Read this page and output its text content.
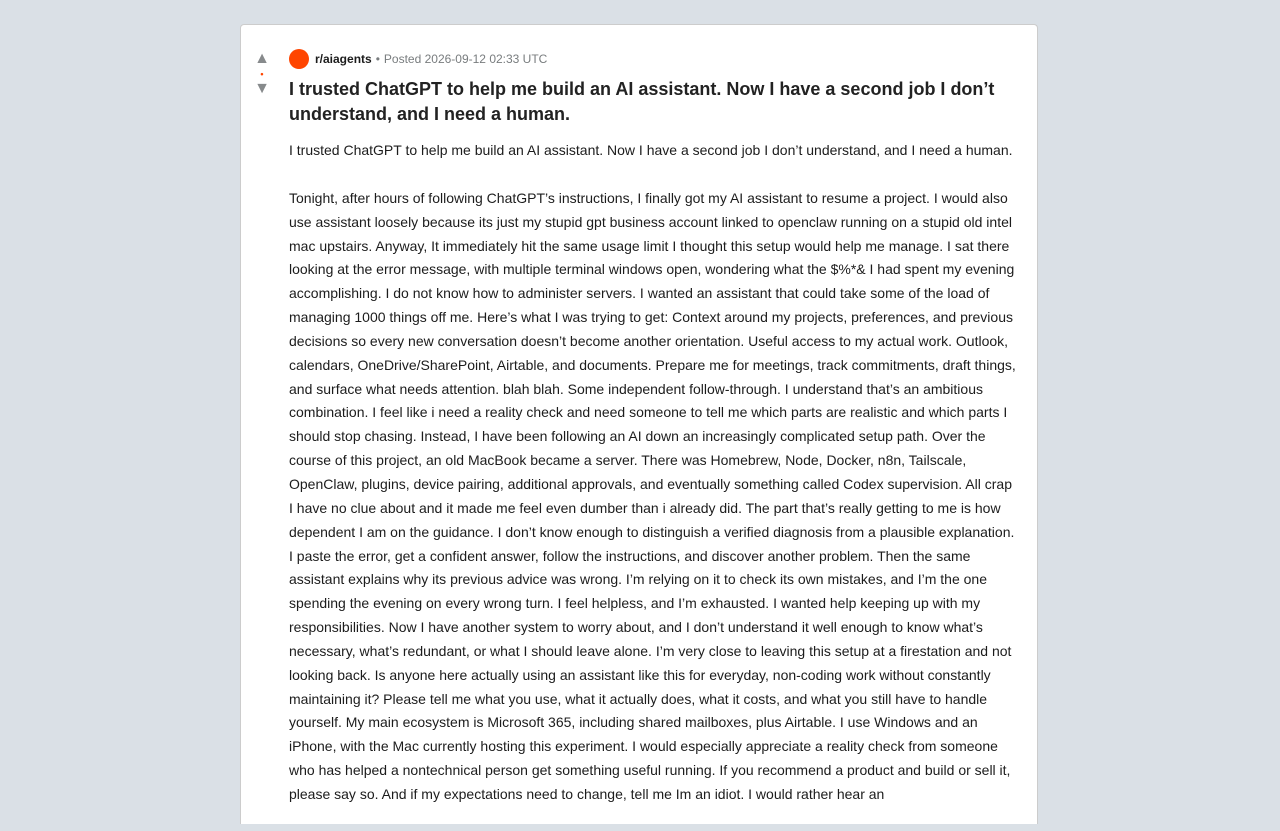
▲
•
▼
r/aiagents • Posted 2026-09-12 02:33 UTC
I trusted ChatGPT to help me build an AI assistant. Now I have a second job I don’t understand, and I need a human.

I trusted ChatGPT to help me build an AI assistant. Now I have a second job I don’t understand, and I need a human.

Tonight, after hours of following ChatGPT’s instructions, I finally got my AI assistant to resume a project. I would also use assistant loosely because its just my stupid gpt business account linked to openclaw running on a stupid old intel mac upstairs. Anyway, It immediately hit the same usage limit I thought this setup would help me manage. I sat there looking at the error message, with multiple terminal windows open, wondering what the $%*& I had spent my evening accomplishing. I do not know how to administer servers. I wanted an assistant that could take some of the load of managing 1000 things off me. Here’s what I was trying to get: Context around my projects, preferences, and previous decisions so every new conversation doesn’t become another orientation. Useful access to my actual work. Outlook, calendars, OneDrive/SharePoint, Airtable, and documents. Prepare me for meetings, track commitments, draft things, and surface what needs attention. blah blah. Some independent follow-through. I understand that’s an ambitious combination. I feel like i need a reality check and need someone to tell me which parts are realistic and which parts I should stop chasing. Instead, I have been following an AI down an increasingly complicated setup path. Over the course of this project, an old MacBook became a server. There was Homebrew, Node, Docker, n8n, Tailscale, OpenClaw, plugins, device pairing, additional approvals, and eventually something called Codex supervision. All crap I have no clue about and it made me feel even dumber than i already did. The part that’s really getting to me is how dependent I am on the guidance. I don’t know enough to distinguish a verified diagnosis from a plausible explanation. I paste the error, get a confident answer, follow the instructions, and discover another problem. Then the same assistant explains why its previous advice was wrong. I’m relying on it to check its own mistakes, and I’m the one spending the evening on every wrong turn. I feel helpless, and I’m exhausted. I wanted help keeping up with my responsibilities. Now I have another system to worry about, and I don’t understand it well enough to know what’s necessary, what’s redundant, or what I should leave alone. I’m very close to leaving this setup at a firestation and not looking back. Is anyone here actually using an assistant like this for everyday, non-coding work without constantly maintaining it? Please tell me what you use, what it actually does, what it costs, and what you still have to handle yourself. My main ecosystem is Microsoft 365, including shared mailboxes, plus Airtable. I use Windows and an iPhone, with the Mac currently hosting this experiment. I would especially appreciate a reality check from someone who has helped a nontechnical person get something useful running. If you recommend a product and build or sell it, please say so. And if my expectations need to change, tell me Im an idiot. I would rather hear an
